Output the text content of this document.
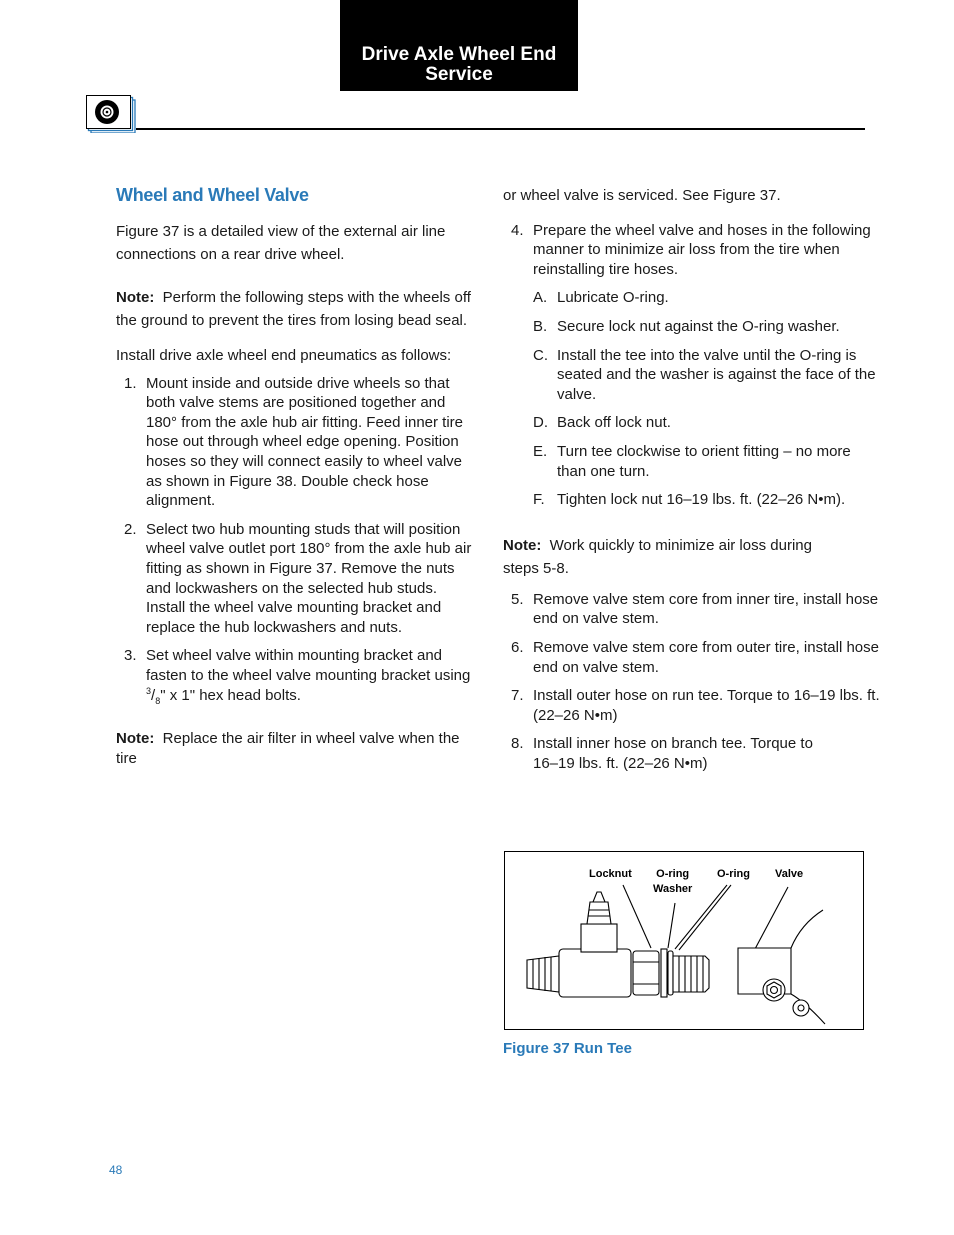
Drive Axle Wheel End
Service
Wheel and Wheel Valve

Figure 37 is a detailed view of the external air line connections on a rear drive wheel.

Note: Perform the following steps with the wheels off the ground to prevent the tires from losing bead seal.

Install drive axle wheel end pneumatics as follows:

1. Mount inside and outside drive wheels so that both valve stems are positioned together and 180° from the axle hub air fitting. Feed inner tire hose out through wheel edge opening. Position hoses so they will connect easily to wheel valve as shown in Figure 38. Double check hose alignment.
2. Select two hub mounting studs that will position wheel valve outlet port 180° from the axle hub air fitting as shown in Figure 37. Remove the nuts and lockwashers on the selected hub studs. Install the wheel valve mounting bracket and replace the hub lockwashers and nuts.
3. Set wheel valve within mounting bracket and fasten to the wheel valve mounting bracket using $^3/_8$" x 1" hex head bolts.

Note: Replace the air filter in wheel valve when the tire

or wheel valve is serviced. See Figure 37.

4. Prepare the wheel valve and hoses in the following manner to minimize air loss from the tire when reinstalling tire hoses.
A. Lubricate O-ring.
B. Secure lock nut against the O-ring washer.
C. Install the tee into the valve until the O-ring is seated and the washer is against the face of the valve.
D. Back off lock nut.
E. Turn tee clockwise to orient fitting – no more than one turn.
F. Tighten lock nut 16–19 lbs. ft. (22–26 N•m).

Note: Work quickly to minimize air loss during
steps 5-8.

5. Remove valve stem core from inner tire, install hose end on valve stem.
6. Remove valve stem core from outer tire, install hose end on valve stem.
7. Install outer hose on run tee. Torque to 16–19 lbs. ft. (22–26 N•m)
8. Install inner hose on branch tee. Torque to
16–19 lbs. ft. (22–26 N•m)
Locknut O-ring
Washer
O-ring Valve
Figure 37 Run Tee
48
